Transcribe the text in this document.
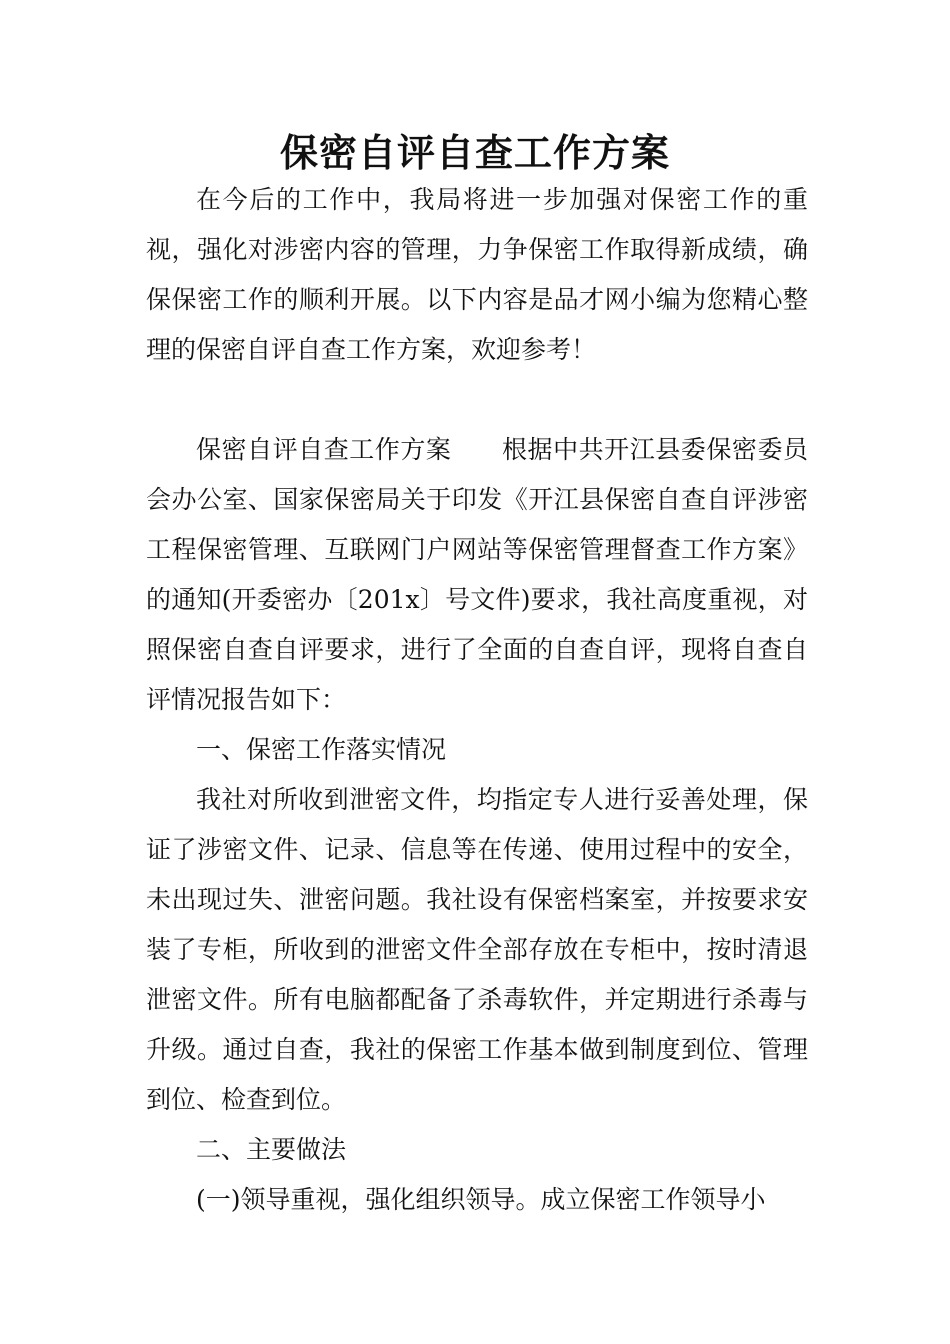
保密自评自查工作方案

在今后的工作中，我局将进一步加强对保密工作的重视，强化对涉密内容的管理，力争保密工作取得新成绩，确保保密工作的顺利开展。以下内容是品才网小编为您精心整理的保密自评自查工作方案，欢迎参考！

保密自评自查工作方案 根据中共开江县委保密委员会办公室、国家保密局关于印发《开江县保密自查自评涉密工程保密管理、互联网门户网站等保密管理督查工作方案》的通知(开委密办〔201x〕号文件)要求，我社高度重视，对照保密自查自评要求，进行了全面的自查自评，现将自查自评情况报告如下：

一、保密工作落实情况

我社对所收到泄密文件，均指定专人进行妥善处理，保证了涉密文件、记录、信息等在传递、使用过程中的安全，未出现过失、泄密问题。我社设有保密档案室，并按要求安装了专柜，所收到的泄密文件全部存放在专柜中，按时清退泄密文件。所有电脑都配备了杀毒软件，并定期进行杀毒与升级。通过自查，我社的保密工作基本做到制度到位、管理到位、检查到位。

二、主要做法

(一)领导重视，强化组织领导。成立保密工作领导小
